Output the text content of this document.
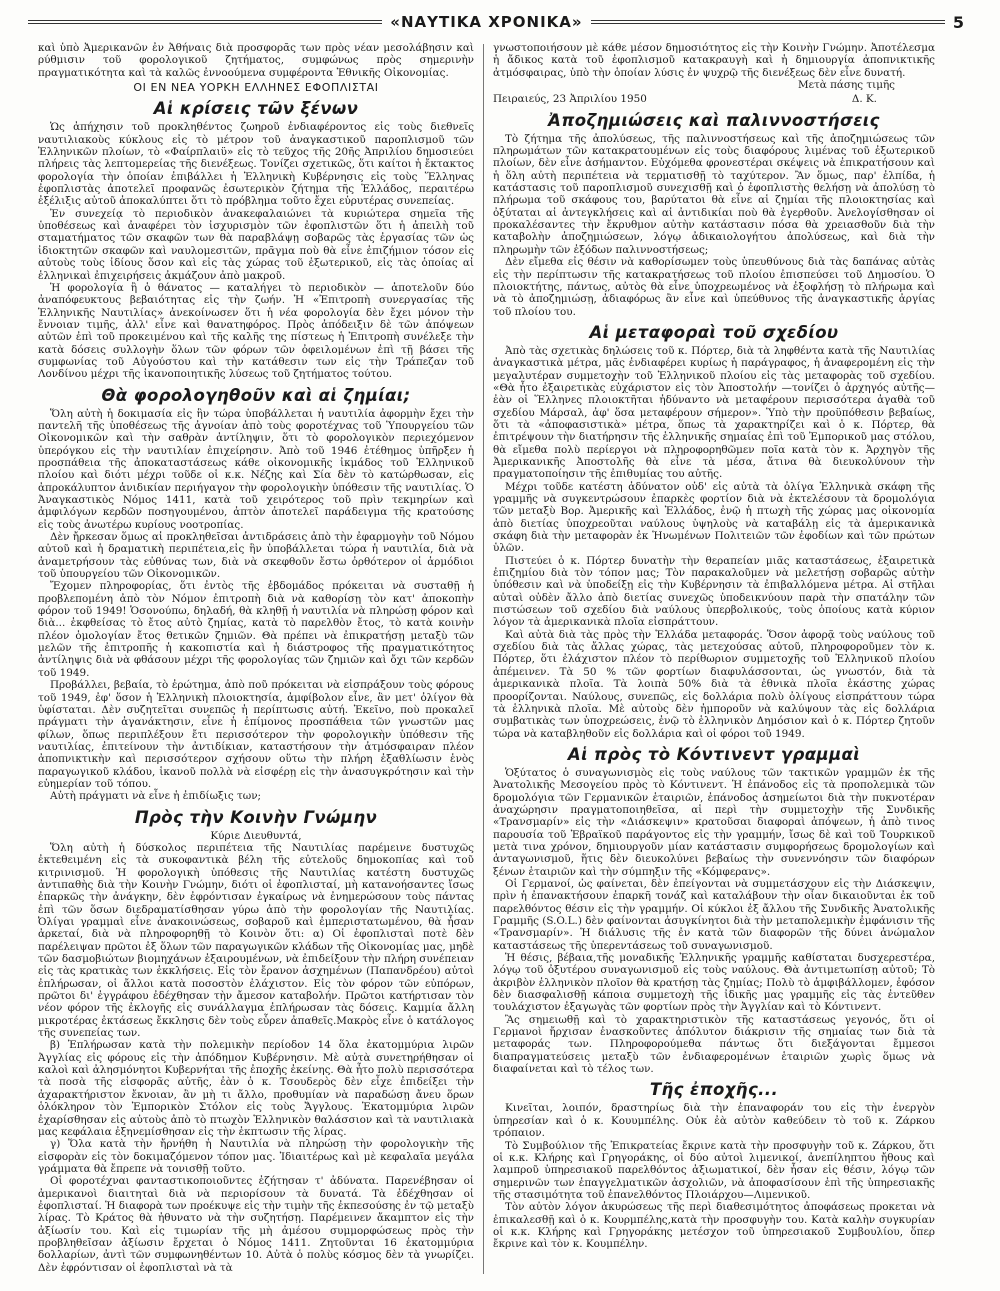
«ΝΑΥΤΙΚΑ ΧΡΟΝΙΚΑ»	5

καὶ ὑπὸ Ἀμερικανῶν ἐν Ἀθήναις διὰ προσφορᾶς των πρὸς νέαν μεσολάβησιν καὶ ρύθμισιν τοῦ φορολογικοῦ ζητήματος, συμφώνως πρὸς σημερινὴν πραγματικότητα καὶ τὰ καλῶς ἐννοούμενα συμφέροντα Ἐθνικῆς Οἰκονομίας.

ΟΙ ΕΝ ΝΕΑ ΥΟΡΚΗ ΕΛΛΗΝΕΣ ΕΦΟΠΛΙΣΤΑΙ
Αἱ κρίσεις τῶν ξένων

Ὡς ἀπήχησιν τοῦ προκληθέντος ζωηροῦ ἐνδιαφέροντος εἰς τοὺς διεθνεῖς ναυτιλιακοὺς κύκλους εἰς τὸ μέτρον τοῦ ἀναγκαστικοῦ παροπλισμοῦ τῶν Ἑλληνικῶν πλοίων, τὸ «Φαίρπλαιϋ» εἰς τὸ τεῦχος τῆς 20ῆς Ἀπριλίου δημοσιεύει πλήρεις τὰς λεπτομερείας τῆς διενέξεως. Τονίζει σχετικῶς, ὅτι καίτοι ἡ ἔκτακτος φορολογία τὴν ὁποίαν ἐπιβάλλει ἡ Ἑλληνικὴ Κυβέρνησις εἰς τοὺς Ἕλληνας ἐφοπλιστὰς ἀποτελεῖ προφανῶς ἐσωτερικὸν ζήτημα τῆς Ἑλλάδος, περαιτέρω ἐξέλιξις αὐτοῦ ἀποκαλύπτει ὅτι τὸ πρόβλημα τοῦτο ἔχει εὐρυτέρας συνεπείας.

Ἐν συνεχείᾳ τὸ περιοδικὸν ἀνακεφαλαιώνει τὰ κυριώτερα σημεῖα τῆς ὑποθέσεως καὶ ἀναφέρει τὸν ἰσχυρισμὸν τῶν ἐφοπλιστῶν ὅτι ἡ ἀπειλὴ τοῦ σταματήματος τῶν σκαφῶν των θὰ παραβλάψῃ σοβαρῶς τὰς ἐργασίας τῶν ὡς ἰδιοκτητῶν σκαφῶν καὶ ναυλομεσιτῶν, πρᾶγμα ποὺ θὰ εἶνε ἐπιζήμιον τόσον εἰς αὐτοὺς τοὺς ἰδίους ὅσον καὶ εἰς τὰς χώρας τοῦ ἐξωτερικοῦ, εἰς τὰς ὁποίας αἱ ἑλληνικαὶ ἐπιχειρήσεις ἀκμάζουν ἀπὸ μακροῦ.

Ἡ φορολογία ἢ ὁ θάνατος — καταλήγει τὸ περιοδικὸν — ἀποτελοῦν δύο ἀναπόφευκτους βεβαιότητας εἰς τὴν ζωήν. Ἡ «Ἐπιτροπὴ συνεργασίας τῆς Ἑλληνικῆς Ναυτιλίας» ἀνεκοίνωσεν ὅτι ἡ νέα φορολογία δὲν ἔχει μόνον τὴν ἔννοιαν τιμῆς, ἀλλ' εἶνε καὶ θανατηφόρος. Πρὸς ἀπόδειξιν δὲ τῶν ἀπόψεων αὐτῶν ἐπὶ τοῦ προκειμένου καὶ τῆς καλῆς της πίστεως ἡ Ἐπιτροπὴ συνέλεξε τὴν κατὰ δόσεις συλλογὴν ὅλων τῶν φόρων τῶν ὀφειλομένων ἐπὶ τῇ βάσει τῆς συμφωνίας τοῦ Αὐγούστου καὶ τὴν κατάθεσιν των εἰς τὴν Τράπεζαν τοῦ Λονδίνου μέχρι τῆς ἱκανοποιητικῆς λύσεως τοῦ ζητήματος τούτου.

Θὰ φορολογηθοῦν καὶ αἱ ζημίαι;

Ὅλη αὐτὴ ἡ δοκιμασία εἰς ἣν τώρα ὑποβάλλεται ἡ ναυτιλία ἀφορμὴν ἔχει τὴν παντελῆ τῆς ὑποθέσεως τῆς ἀγνοίαν ἀπὸ τοὺς φοροτέχνας τοῦ Ὑπουργείου τῶν Οἰκονομικῶν καὶ τὴν σαθρὰν ἀντίληψιν, ὅτι τὸ φορολογικὸν περιεχόμενον ὑπερόγκου εἰς τὴν ναυτιλίαν ἐπιχείρησιν. Ἀπὸ τοῦ 1946 ἐτέθημος ὑπῆρξεν ἡ προσπάθεια τῆς ἀποκαταστάσεως κάθε οἰκονομικῆς ἰκμάδος τοῦ Ἑλληνικοῦ πλοίου καὶ διότι μέχρι τοῦδε οἱ κ.κ. Νέζης καὶ Σία δὲν τὸ κατώρθωσαν, εἰς ἀπροκάλυπτον ἀνιδικίαν περιήγαγον τὴν φορολογικὴν ὑπόθεσιν τῆς ναυτιλίας. Ὁ Ἀναγκαστικὸς Νόμος 1411, κατὰ τοῦ χειρότερος τοῦ πρὶν τεκμηρίων καὶ ἀμφιλόγων κερδῶν ποσηγουμένου, ἀπτὸν ἀποτελεῖ παράδειγμα τῆς κρατούσης εἰς τοὺς ἀνωτέρω κυρίους νοοτροπίας.

Δὲν ἤρκεσαν ὅμως αἱ προκληθεῖσαι ἀντιδράσεις ἀπὸ τὴν ἐφαρμογὴν τοῦ Νόμου αὐτοῦ καὶ ἡ δραματικὴ περιπέτεια,εἰς ἣν ὑποβάλλεται τώρα ἡ ναυτιλία, διὰ νὰ ἀναμετρήσουν τὰς εὐθύνας των, διὰ νὰ σκεφθοῦν ἔστω ὀρθότερον οἱ ἁρμόδιοι τοῦ ὑπουργείου τῶν Οἰκονομικῶν.

Ἔχομεν πληροφορίας, ὅτι ἐντὸς τῆς ἑβδομάδος πρόκειται νὰ συσταθῇ ἡ προβλεπομένη ἀπὸ τὸν Νόμον ἐπιτροπὴ διὰ νὰ καθορίσῃ τὸν κατ' ἀποκοπὴν φόρον τοῦ 1949! Ὁσονούπω, δηλαδή, θὰ κληθῇ ἡ ναυτιλία νὰ πληρώσῃ φόρον καὶ διὰ... ἐκφθείσας τὸ ἔτος αὐτὸ ζημίας, κατὰ τὸ παρελθὸν ἔτος, τὸ κατὰ κοινὴν πλέον ὁμολογίαν ἔτος θετικῶν ζημιῶν. Θὰ πρέπει νὰ ἐπικρατήσῃ μεταξὺ τῶν μελῶν τῆς ἐπιτροπῆς ἡ κακοπιστία καὶ ἡ διάστροφος τῆς πραγματικότητος ἀντίληψις διὰ νὰ φθάσουν μέχρι τῆς φορολογίας τῶν ζημιῶν καὶ ὄχι τῶν κερδῶν τοῦ 1949.

Προβάλλει, βεβαία, τὸ ἐρώτημα, ἀπὸ ποῦ πρόκειται νὰ εἰσπράξουν τοὺς φόρους τοῦ 1949, ἐφ' ὅσον ἡ Ἑλληνικὴ πλοιοκτησία, ἀμφίβολον εἶνε, ἂν μετ' ὀλίγον θὰ ὑφίσταται. Δὲν συζητεῖται συνεπῶς ἡ περίπτωσις αὐτή. Ἐκεῖνο, ποὺ προκαλεῖ πράγματι τὴν ἀγανάκτησιν, εἶνε ἡ ἐπίμονος προσπάθεια τῶν γνωστῶν μας φίλων, ὅπως περιπλέξουν ἔτι περισσότερον τὴν φορολογικὴν ὑπόθεσιν τῆς ναυτιλίας, ἐπιτείνουν τὴν ἀντιδίκιαν, καταστήσουν τὴν ἀτμόσφαιραν πλέον ἀποπνικτικὴν καὶ περισσότερον σχήσουν οὕτω τὴν πλήρη ἐξαθλίωσιν ἑνὸς παραγωγικοῦ κλάδου, ἱκανοῦ πολλὰ νὰ εἰσφέρῃ εἰς τὴν ἀνασυγκρότησιν καὶ τὴν εὐημερίαν τοῦ τόπου.

Αὐτὴ πράγματι νὰ εἶνε ἡ ἐπιδίωξις των;

Πρὸς τὴν Κοινὴν Γνώμην
Κύριε Διευθυντά,

Ὅλη αὐτὴ ἡ δύσκολος περιπέτεια τῆς Ναυτιλίας παρέμεινε δυστυχῶς ἐκτεθειμένη εἰς τὰ συκοφαντικὰ βέλη τῆς εὐτελοῦς δημοκοπίας καὶ τοῦ κιτρινισμοῦ. Ἡ φορολογικὴ ὑπόθεσις τῆς Ναυτιλίας κατέστη δυστυχῶς ἀντιπαθὴς διὰ τὴν Κοινὴν Γνώμην, διότι οἱ ἐφοπλισταί, μὴ κατανοήσαντες ἴσως ἐπαρκῶς τὴν ἀνάγκην, δὲν ἐφρόντισαν ἐγκαίρως νὰ ἐνημερώσουν τοὺς πάντας ἐπὶ τῶν ὅσων διεδραματίσθησαν γύρω ἀπὸ τὴν φορολογίαν τῆς Ναυτιλίας. Ὀλίγαι γραμμαὶ εἶνε ἀνακοινώσεως, σοβαροῦ καὶ ἐμπεριστατωμένου, θὰ ἦσαν ἀρκεταί, διὰ νὰ πληροφορηθῇ τὸ Κοινὸν ὅτι: α) Οἱ ἐφοπλισταὶ ποτὲ δὲν παρέλειψαν πρῶτοι ἐξ ὅλων τῶν παραγωγικῶν κλάδων τῆς Οἰκονομίας μας, μηδὲ τῶν δασμοβιώτων βιομηχάνων ἐξαιρουμένων, νὰ ἐπιδείξουν τὴν πλήρη συνέπειαν εἰς τὰς κρατικὰς των ἐκκλήσεις. Εἰς τὸν ἔρανον ἀσχημένων (Παπανδρέου) αὐτοὶ ἐπλήρωσαν, οἱ ἄλλοι κατὰ ποσοστὸν ἐλάχιστον. Εἰς τὸν φόρον τῶν εὐπόρων, πρῶτοι δι' ἐγγράφου ἐδέχθησαν τὴν ἄμεσον καταβολήν. Πρῶτοι κατήρτισαν τὸν νέον φόρον τῆς ἐκλογῆς εἰς συνάλλαγμα ἐπλήρωσαν τὰς δόσεις. Καμμία ἄλλη μικροτέρας ἐκτάσεως ἔκκλησις δὲν τοὺς εὗρεν ἀπαθεῖς.Μακρὸς εἶνε ὁ κατάλογος τῆς συνεπείας των.

β) Ἐπλήρωσαν κατὰ τὴν πολεμικὴν περίοδον 14 ὅλα ἑκατομμύρια λιρῶν Ἀγγλίας εἰς φόρους εἰς τὴν ἀπόδημον Κυβέρνησιν. Μὲ αὐτὰ συνετηρήθησαν οἱ καλοὶ καὶ ἀλησμόνητοι Κυβερνήται τῆς ἐποχῆς ἐκείνης. Θὰ ἦτο πολὺ περισσότερα τὰ ποσὰ τῆς εἰσφορᾶς αὐτῆς, ἐὰν ὁ κ. Τσουδερὸς δὲν εἶχε ἐπιδείξει τὴν ἀχαρακτήριστον ἔκνοιαν, ἂν μὴ τι ἄλλο, προθυμίαν νὰ παραδώσῃ ἄνευ ὅρων ὁλόκληρον τὸν Ἐμπορικὸν Στόλον εἰς τοὺς Ἄγγλους. Ἑκατομμύρια λιρῶν ἐχαρίσθησαν εἰς αὐτοὺς ἀπὸ τὸ πτωχὸν Ἑλληνικὸν θαλάσσιον καὶ τὰ ναυτιλιακὰ μας κεφάλαια ἐξηνεμίσθησαν εἰς τὴν ἐκπτωσιν τῆς λίρας.

γ) Ὅλα κατὰ τὴν ἤρνήθη ἡ Ναυτιλία νὰ πληρώσῃ τὴν φορολογικὴν τῆς εἰσφορὰν εἰς τὸν δοκιμαζόμενον τόπον μας. Ἰδιαιτέρως καὶ μὲ κεφαλαῖα μεγάλα γράμματα θὰ ἔπρεπε νὰ τονισθῇ τοῦτο.

Οἱ φοροτέχναι φανταστικοποιοῦντες ἐζήτησαν τ' ἀδύνατα. Παρενέβησαν οἱ ἀμερικανοὶ διαιτηταὶ διὰ νὰ περιορίσουν τὰ δυνατά. Τὰ ἐδέχθησαν οἱ ἐφοπλισταί. Ἡ διαφορὰ των προέκυψε εἰς τὴν τιμὴν τῆς ἐκπεσούσης ἐν τῷ μεταξὺ λίρας. Τὸ Κράτος θὰ ἠθυνατο νὰ τὴν συζητήσῃ. Παρέμεινεν ἄκαμπτον εἰς τὴν ἀξίωσίν του. Καὶ εἰς τιμωρίαν τῆς μὴ ἀμέσου συμμορφώσεως πρὸς τὴν προβληθεῖσαν ἀξίωσιν ἔρχεται ὁ Νόμος 1411. Ζητοῦνται 16 ἑκατομμύρια δολλαρίων, ἀντὶ τῶν συμφωνηθέντων 10. Αὐτὰ ὁ πολὺς κόσμος δὲν τὰ γνωρίζει. Δὲν ἐφρόντισαν οἱ ἐφοπλισταὶ νὰ τὰ

γνωστοποιήσουν μὲ κάθε μέσον δημοσιότητος εἰς τὴν Κοινὴν Γνώμην. Ἀποτέλεσμα ἡ ἄδικος κατὰ τοῦ ἐφοπλισμοῦ κατακραυγὴ καὶ ἡ δημιουργία ἀποπνικτικῆς ἀτμόσφαιρας, ὑπὸ τὴν ὁποίαν λύσις ἐν ψυχρῷ τῆς διενέξεως δὲν εἶνε δυνατή.

Μετὰ πάσης τιμῆς
Πειραιεύς, 23 Ἀπριλίου 1950	Δ. Κ.
Ἀποζημιώσεις καὶ παλιννοστήσεις

Τὸ ζήτημα τῆς ἀπολύσεως, τῆς παλιννοστήσεως καὶ τῆς ἀποζημιώσεως τῶν πληρωμάτων τῶν κατακρατουμένων εἰς τοὺς διαφόρους λιμένας τοῦ ἐξωτερικοῦ πλοίων, δὲν εἶνε ἀσήμαντον. Εὐχόμεθα φρονεστέραι σκέψεις νὰ ἐπικρατήσουν καὶ ἡ ὅλη αὐτὴ περιπέτεια νὰ τερματισθῇ τὸ ταχύτερον. Ἂν ὅμως, παρ' ἐλπίδα, ἡ κατάστασις τοῦ παροπλισμοῦ συνεχισθῇ καὶ ὁ ἐφοπλιστὴς θελήσῃ νὰ ἀπολύσῃ τὸ πλήρωμα τοῦ σκάφους του, βαρύτατοι θὰ εἶνε αἱ ζημίαι τῆς πλοιοκτησίας καὶ ὀξύταται αἱ ἀντεγκλήσεις καὶ αἱ ἀντιδικίαι ποὺ θὰ ἐγερθοῦν. Ἀνελογίσθησαν οἱ προκαλέσαντες τὴν ἔκρυθμον αὐτὴν κατάστασιν πόσα θὰ χρειασθοῦν διὰ τὴν καταβολὴν ἀποζημιώσεων, λόγῳ ἀδικαιολογήτου ἀπολύσεως, καὶ διὰ τὴν πληρωμὴν τῶν ἐξόδων παλιννοστήσεως;

Δὲν εἴμεθα εἰς θέσιν νὰ καθορίσωμεν τοὺς ὑπευθύνους διὰ τὰς δαπάνας αὐτὰς εἰς τὴν περίπτωσιν τῆς κατακρατήσεως τοῦ πλοίου ἐπισπεύσει τοῦ Δημοσίου. Ὁ πλοιοκτήτης, πάντως, αὐτὸς θὰ εἶνε ὑποχρεωμένος νὰ ἐξοφλήσῃ τὸ πλήρωμα καὶ νὰ τὸ ἀποζημιώσῃ, ἀδιαφόρως ἂν εἶνε καὶ ὑπεύθυνος τῆς ἀναγκαστικῆς ἀργίας τοῦ πλοίου του.

Αἱ μεταφοραὶ τοῦ σχεδίου

Ἀπὸ τὰς σχετικὰς δηλώσεις τοῦ κ. Πόρτερ, διὰ τὰ ληφθέντα κατὰ τῆς Ναυτιλίας ἀναγκαστικὰ μέτρα, μᾶς ἐνδιαφέρει κυρίως ἡ παράγραφος, ἡ ἀναφερομένη εἰς τὴν μεγαλυτέραν συμμετοχὴν τοῦ Ἑλληνικοῦ πλοίου εἰς τὰς μεταφορὰς τοῦ σχεδίου. «Θὰ ἦτο ἐξαιρετικὰς εὐχάριστον εἰς τὸν Ἀποστολήν —τονίζει ὁ ἀρχηγός αὐτῆς— ἐὰν οἱ Ἕλληνες πλοιοκτῆται ἠδύναντο νὰ μεταφέρουν περισσότερα ἀγαθὰ τοῦ σχεδίου Μάρσαλ, ἀφ' ὅσα μεταφέρουν σήμερον». Ὑπὸ τὴν προϋπόθεσιν βεβαίως, ὅτι τὰ «ἀποφασιστικὰ» μέτρα, ὅπως τὰ χαρακτηρίζει καὶ ὁ κ. Πόρτερ, θὰ ἐπιτρέψουν τὴν διατήρησιν τῆς ἑλληνικῆς σημαίας ἐπὶ τοῦ Ἐμπορικοῦ μας στόλου, θὰ εἴμεθα πολὺ περίεργοι νὰ πληροφορηθῶμεν ποῖα κατὰ τὸν κ. Ἀρχηγὸν τῆς Ἀμερικανικῆς Ἀποστολῆς θὰ εἶνε τὰ μέσα, ἄτινα θὰ διευκολύνουν τὴν πραγματοποίησιν τῆς ἐπιθυμίας του αὐτῆς.

Μέχρι τοῦδε κατέστη ἀδύνατον οὐδ' εἰς αὐτὰ τὰ ὀλίγα Ἑλληνικὰ σκάφη τῆς γραμμῆς νὰ συγκεντρώσουν ἐπαρκὲς φορτίον διὰ νὰ ἐκτελέσουν τὰ δρομολόγια τῶν μεταξὺ Βορ. Ἀμερικῆς καὶ Ἑλλάδος, ἐνῷ ἡ πτωχὴ τῆς χώρας μας οἰκονομία ἀπὸ διετίας ὑποχρεοῦται ναύλους ὑψηλοὺς νὰ καταβάλῃ εἰς τὰ ἀμερικανικὰ σκάφη διὰ τὴν μεταφορὰν ἐκ Ἡνωμένων Πολιτειῶν τῶν ἐφοδίων καὶ τῶν πρώτων ὑλῶν.

Πιστεύει ὁ κ. Πόρτερ δυνατὴν τὴν θεραπείαν μιᾶς καταστάσεως, ἐξαιρετικὰ ἐπιζημίου διὰ τὸν τόπον μας; Τὸν παρακαλοῦμεν νὰ μελετήσῃ σοβαρῶς αὐτὴν ὑπόθεσιν καὶ νὰ ὑποδείξῃ εἰς τὴν Κυβέρνησιν τὰ ἐπιβαλλόμενα μέτρα. Αἱ στῆλαι αὐταὶ οὐδὲν ἄλλο ἀπὸ διετίας συνεχῶς ὑποδεικνύουν παρὰ τὴν σπατάλην τῶν πιστώσεων τοῦ σχεδίου διὰ ναύλους ὑπερβολικούς, τοὺς ὁποίους κατὰ κύριον λόγον τὰ ἀμερικανικὰ πλοῖα εἰσπράττουν.

Καὶ αὐτὰ διὰ τὰς πρὸς τὴν Ἑλλάδα μεταφοράς. Ὅσον ἀφορᾷ τοὺς ναύλους τοῦ σχεδίου διὰ τὰς ἄλλας χώρας, τὰς μετεχούσας αὐτοῦ, πληροφοροῦμεν τὸν κ. Πόρτερ, ὅτι ἐλάχιστον πλέον τὸ περίθωριον συμμετοχῆς τοῦ Ἑλληνικοῦ πλοίου ἀπέμεινεν. Τὰ 50 % τῶν φορτίων διαφυλάσσονται, ὡς γνωστόν, διὰ τὰ ἀμερικανικὰ πλοῖα. Τὰ λοιπὰ 50% διὰ τὰ ἐθνικὰ πλοῖα ἑκάστης χώρας προορίζονται. Ναύλους, συνεπῶς, εἰς δολλάρια πολὺ ὀλίγους εἰσπράττουν τώρα τὰ ἑλληνικὰ πλοῖα. Μὲ αὐτοὺς δὲν ἠμποροῦν νὰ καλύψουν τὰς εἰς δολλάρια συμβατικὰς των ὑποχρεώσεις, ἐνῷ τὸ ἑλληνικὸν Δημόσιον καὶ ὁ κ. Πόρτερ ζητοῦν τώρα νὰ καταβληθοῦν εἰς δολλάρια καὶ οἱ φόροι τοῦ 1949.

Αἱ πρὸς τὸ Κόντινεντ γραμμαὶ

Ὁξύτατος ὁ συναγωνισμὸς εἰς τοὺς ναύλους τῶν τακτικῶν γραμμῶν ἐκ τῆς Ἀνατολικῆς Μεσογείου πρὸς τὸ Κόντινεντ. Ἡ ἐπάνοδος εἰς τὰ προπολεμικὰ τῶν δρομολόγια τῶν Γερμανικῶν ἑταιριῶν, ἐπάνοδος ἀσημείωτοι διὰ τὴν πυκνοτέραν ἀναχώρησιν πραγματοποιηθεῖσα, αἱ περὶ τὴν συμμετοχὴν τῆς Συνδικῆς «Τρανσμαρίν» εἰς τὴν «Διάσκεψιν» κρατοῦσαι διαφοραὶ ἀπόψεων, ἡ ἀπὸ τινος παρουσία τοῦ Ἑβραϊκοῦ παράγοντος εἰς τὴν γραμμήν, ἴσως δὲ καὶ τοῦ Τουρκικοῦ μετὰ τινα χρόνον, δημιουργοῦν μίαν κατάστασιν συμφορήσεως δρομολογίων καὶ ἀνταγωνισμοῦ, ἥτις δὲν διευκολύνει βεβαίως τὴν συνεννόησιν τῶν διαφόρων ξένων ἑταιριῶν καὶ τὴν σύμπηξιν τῆς «Κόμφερανς».

Οἱ Γερμανοί, ὡς φαίνεται, δὲν ἐπείγονται νὰ συμμετάσχουν εἰς τὴν Διάσκεψιν, πρὶν ἡ ἐπανακτήσουν ἐπαρκῆ τονάζ καὶ καταλάβουν τὴν οἷαν δικαιοῦνται ἐκ τοῦ παρελθόντος θέσιν εἰς τὴν γραμμήν. Οἱ κύκλοι ἐξ ἄλλου τῆς Συνδικῆς Ἀνατολικῆς Γραμμῆς (S.O.L.) δὲν φαίνονται ἀσυγκίνητοι διὰ τὴν μεταπολεμικὴν ἐμφάνισιν τῆς «Τρανσμαρίν». Ἡ διάλυσις τῆς ἐν κατὰ τῶν διαφορῶν τῆς δύνει ἀνώμαλον καταστάσεως τῆς ὑπερεντάσεως τοῦ συναγωνισμοῦ.

Ἡ θέσις, βέβαια,τῆς μοναδικῆς Ἑλληνικῆς γραμμῆς καθίσταται δυσχερεστέρα, λόγῳ τοῦ ὀξυτέρου συναγωνισμοῦ εἰς τοὺς ναύλους. Θὰ ἀντιμετωπίσῃ αὐτοῦ; Τὸ ἀκριβὸν ἑλληνικὸν πλοῖον θὰ κρατήσῃ τὰς ζημίας; Πολὺ τὸ ἀμφιβάλλομεν, ἐφόσον δὲν διασφαλισθῇ κάποια συμμετοχὴ τῆς ἰδικῆς μας γραμμῆς εἰς τὰς ἐντεῦθεν τουλάχιστον ἐξαγωγὰς τῶν φορτίων πρὸς τὴν Ἀγγλίαν καὶ τὸ Κόντινεντ.

Ἂς σημειωθῇ καὶ τὸ χαρακτηριστικὸν τῆς καταστάσεως γεγονός, ὅτι οἱ Γερμανοὶ ἤρχισαν ἐνασκοῦντες ἀπόλυτον διάκρισιν τῆς σημαίας των διὰ τὰ μεταφοράς των. Πληροφορούμεθα πάντως ὅτι διεξάγονται ἔμμεσοι διαπραγματεύσεις μεταξὺ τῶν ἐνδιαφερομένων ἑταιριῶν χωρὶς ὅμως νὰ διαφαίνεται καὶ τὸ τέλος των.

Τῆς ἐποχῆς...

Κινεῖται, λοιπόν, δραστηρίως διὰ τὴν ἐπαναφοράν του εἰς τὴν ἐνεργὸν ὑπηρεσίαν καὶ ὁ κ. Κουυμπέλης. Οὐκ ἐὰ αὐτὸν καθεύδειν τὸ τοῦ κ. Ζάρκου τρόπαιον.

Τὸ Συμβούλιον τῆς Ἐπικρατείας ἔκρινε κατὰ τὴν προσφυγὴν τοῦ κ. Ζάρκου, ὅτι οἱ κ.κ. Κλήρης καὶ Γρηγοράκης, οἱ δύο αὐτοὶ λιμενικοί, ἀνεπίληπτου ἤθους καὶ λαμπροῦ ὑπηρεσιακοῦ παρελθόντος ἀξιωματικοί, δὲν ἦσαν εἰς θέσιν, λόγῳ τῶν σημερινῶν των ἐπαγγελματικῶν ἀσχολιῶν, νὰ ἀποφασίσουν ἐπὶ τῆς ὑπηρεσιακῆς τῆς στασιμότητα τοῦ ἐπανελθόντος Πλοιάρχου—Λιμενικοῦ.

Τὸν αὐτὸν λόγον ἀκυρώσεως τῆς περὶ διαθεσιμότητος ἀποφάσεως προκεται νὰ ἐπικαλεσθῇ καὶ ὁ κ. Κουρμπέλης,κατὰ τὴν προσφυγὴν του. Κατὰ καλὴν συγκυρίαν οἱ κ.κ. Κλήρης καὶ Γρηγοράκης μετέσχον τοῦ ὑπηρεσιακοῦ Συμβουλίου, ὅπερ ἔκρινε καὶ τὸν κ. Κουμπέλην.
